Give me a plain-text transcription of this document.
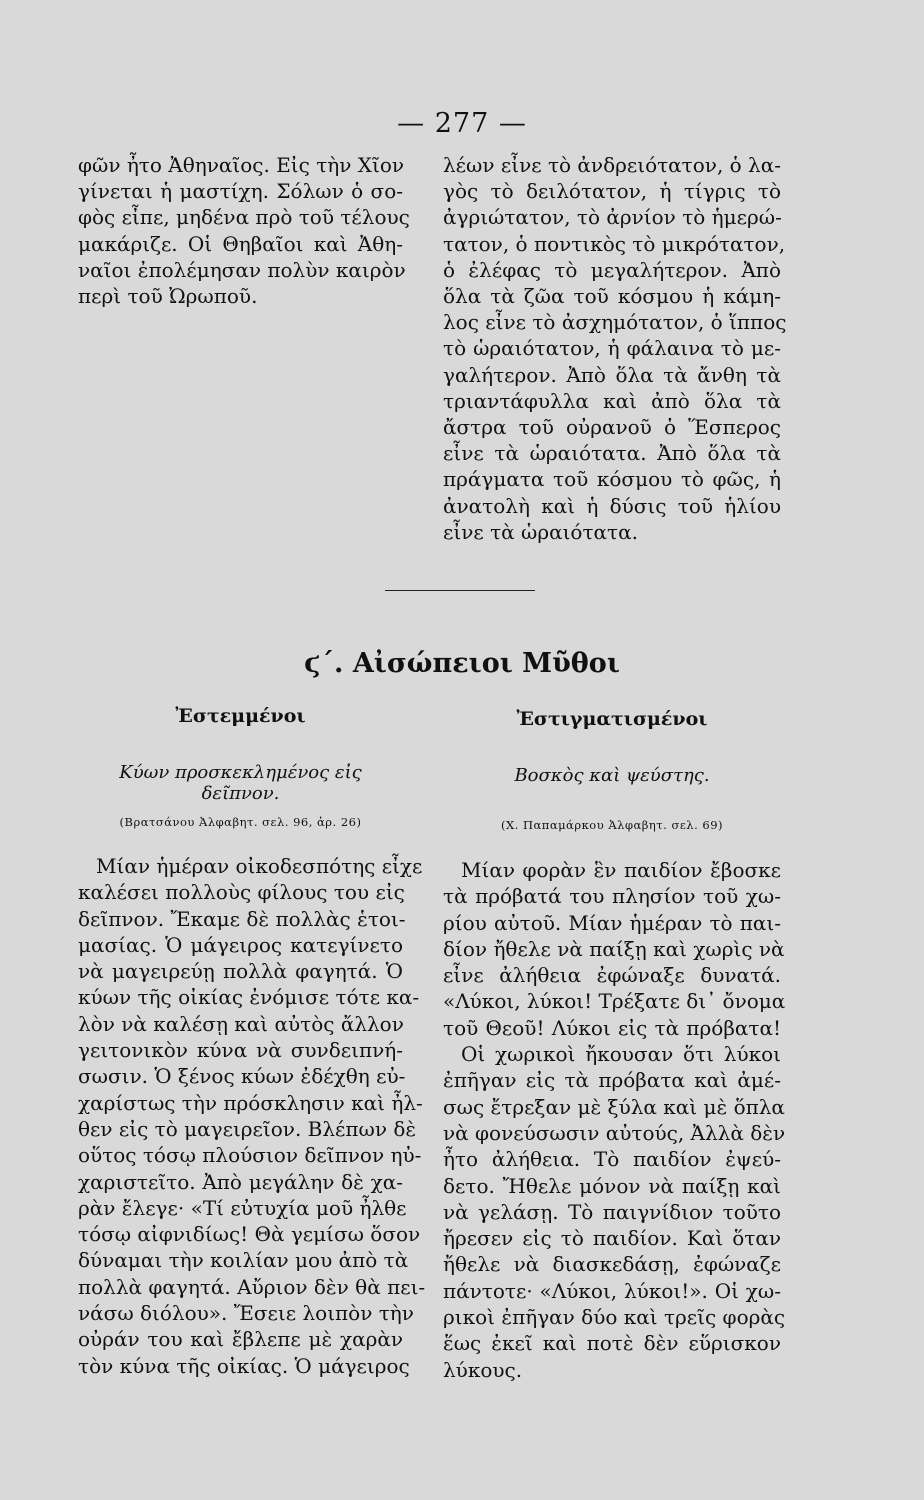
— 277 —
φῶν ἦτο Ἀθηναῖος. Εἰς τὴν Χῖον
γίνεται ἡ μαστίχη. Σόλων ὁ σο-
φὸς εἶπε, μηδένα πρὸ τοῦ τέλους
μακάριζε. Οἱ Θηβαῖοι καὶ Ἀθη-
ναῖοι ἐπολέμησαν πολὺν καιρὸν
περὶ τοῦ Ὠρωποῦ.
λέων εἶνε τὸ ἀνδρειότατον, ὁ λα-
γὸς τὸ δειλότατον, ἡ τίγρις τὸ
ἀγριώτατον, τὸ ἀρνίον τὸ ἡμερώ-
τατον, ὁ ποντικὸς τὸ μικρότατον,
ὁ ἐλέφας τὸ μεγαλήτερον. Ἀπὸ
ὅλα τὰ ζῶα τοῦ κόσμου ἡ κάμη-
λος εἶνε τὸ ἀσχημότατον, ὁ ἵππος
τὸ ὡραιότατον, ἡ φάλαινα τὸ με-
γαλήτερον. Ἀπὸ ὅλα τὰ ἄνθη τὰ
τριαντάφυλλα καὶ ἀπὸ ὅλα τὰ
ἄστρα τοῦ οὐρανοῦ ὁ Ἕσπερος
εἶνε τὰ ὡραιότατα. Ἀπὸ ὅλα τὰ
πράγματα τοῦ κόσμου τὸ φῶς, ἡ
ἀνατολὴ καὶ ἡ δύσις τοῦ ἡλίου
εἶνε τὰ ὡραιότατα.
ϛ΄. Αἰσώπειοι Μῦθοι
Ἐστεμμένοι	Ἐστιγματισμένοι
Κύων προσκεκλημένος εἰς δεῖπνον.
Βοσκὸς καὶ ψεύστης.
(Βρατσάνου Ἀλφαβητ. σελ. 96, ἀρ. 26)	(Χ. Παπαμάρκου Ἀλφαβητ. σελ. 69)
Μίαν ἡμέραν οἰκοδεσπότης εἶχε
καλέσει πολλοὺς φίλους του εἰς
δεῖπνον. Ἔκαμε δὲ πολλὰς ἑτοι-
μασίας. Ὁ μάγειρος κατεγίνετο
νὰ μαγειρεύῃ πολλὰ φαγητά. Ὁ
κύων τῆς οἰκίας ἐνόμισε τότε κα-
λὸν νὰ καλέσῃ καὶ αὐτὸς ἄλλον
γειτονικὸν κύνα νὰ συνδειπνή-
σωσιν. Ὁ ξένος κύων ἐδέχθη εὐ-
χαρίστως τὴν πρόσκλησιν καὶ ἦλ-
θεν εἰς τὸ μαγειρεῖον. Βλέπων δὲ
οὕτος τόσῳ πλούσιον δεῖπνον ηὐ-
χαριστεῖτο. Ἀπὸ μεγάλην δὲ χα-
ρὰν ἔλεγε· «Τί εὐτυχία μοῦ ἦλθε
τόσῳ αἰφνιδίως! Θὰ γεμίσω ὅσον
δύναμαι τὴν κοιλίαν μου ἀπὸ τὰ
πολλὰ φαγητά. Αὔριον δὲν θὰ πει-
νάσω διόλου». Ἔσειε λοιπὸν τὴν
οὐράν του καὶ ἔβλεπε μὲ χαρὰν
τὸν κύνα τῆς οἰκίας. Ὁ μάγειρος
Μίαν φορὰν ἓν παιδίον ἔβοσκε
τὰ πρόβατά του πλησίον τοῦ χω-
ρίου αὐτοῦ. Μίαν ἡμέραν τὸ παι-
δίον ἤθελε νὰ παίξῃ καὶ χωρὶς νὰ
εἶνε ἀλήθεια ἐφώναξε δυνατά.
«Λύκοι, λύκοι! Τρέξατε δι᾿ ὄνομα
τοῦ Θεοῦ! Λύκοι εἰς τὰ πρόβατα!
Οἱ χωρικοὶ ἤκουσαν ὅτι λύκοι
ἐπῆγαν εἰς τὰ πρόβατα καὶ ἀμέ-
σως ἔτρεξαν μὲ ξύλα καὶ μὲ ὅπλα
νὰ φονεύσωσιν αὐτούς, Ἀλλὰ δὲν
ἦτο ἀλήθεια. Τὸ παιδίον ἐψεύ-
δετο. Ἤθελε μόνον νὰ παίξῃ καὶ
νὰ γελάσῃ. Τὸ παιγνίδιον τοῦτο
ἤρεσεν εἰς τὸ παιδίον. Καὶ ὅταν
ἤθελε νὰ διασκεδάσῃ, ἐφώναζε
πάντοτε· «Λύκοι, λύκοι!». Οἱ χω-
ρικοὶ ἐπῆγαν δύο καὶ τρεῖς φορὰς
ἕως ἐκεῖ καὶ ποτὲ δὲν εὕρισκον
λύκους.
